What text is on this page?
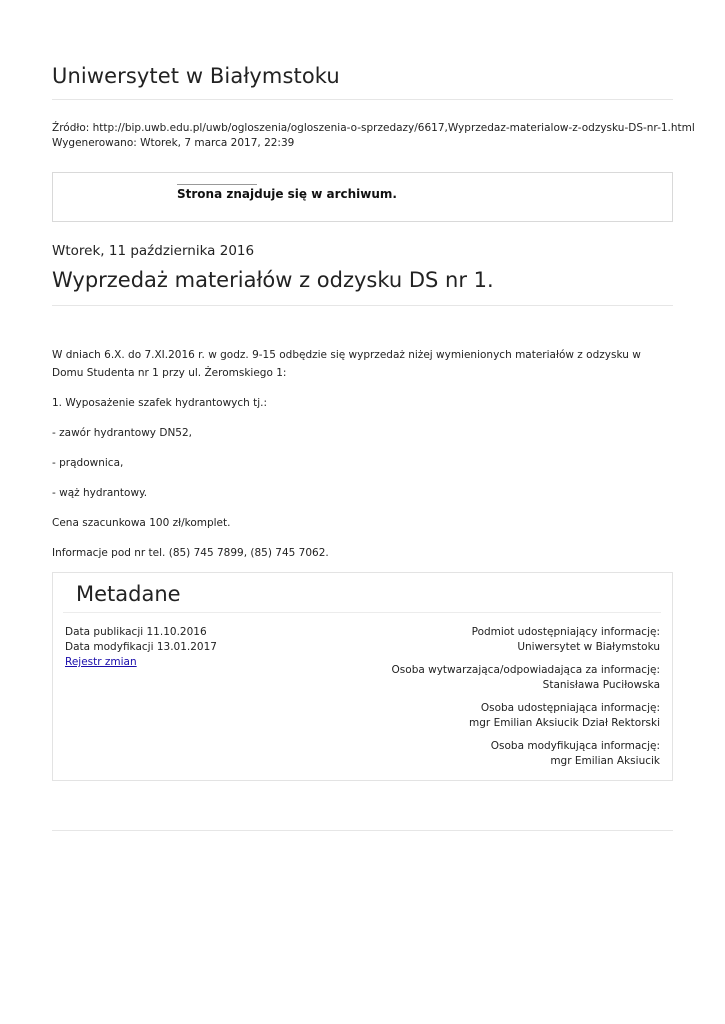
Uniwersytet w Białymstoku
Źródło: http://bip.uwb.edu.pl/uwb/ogloszenia/ogloszenia-o-sprzedazy/6617,Wyprzedaz-materialow-z-odzysku-DS-nr-1.html
Wygenerowano: Wtorek, 7 marca 2017, 22:39
Strona znajduje się w archiwum.
Wtorek, 11 października 2016
Wyprzedaż materiałów z odzysku DS nr 1.

W dniach 6.X. do 7.XI.2016 r. w godz. 9-15 odbędzie się wyprzedaż niżej wymienionych materiałów z odzysku w Domu Studenta nr 1 przy ul. Żeromskiego 1:

1. Wyposażenie szafek hydrantowych tj.:

- zawór hydrantowy DN52,

- prądownica,

- wąż hydrantowy.

Cena szacunkowa 100 zł/komplet.

Informacje pod nr tel. (85) 745 7899, (85) 745 7062.

Metadane
Data publikacji 11.10.2016
Data modyfikacji 13.01.2017
Rejestr zmian
Podmiot udostępniający informację:
Uniwersytet w Białymstoku
Osoba wytwarzająca/odpowiadająca za informację:
Stanisława Puciłowska
Osoba udostępniająca informację:
mgr Emilian Aksiucik Dział Rektorski
Osoba modyfikująca informację:
mgr Emilian Aksiucik
